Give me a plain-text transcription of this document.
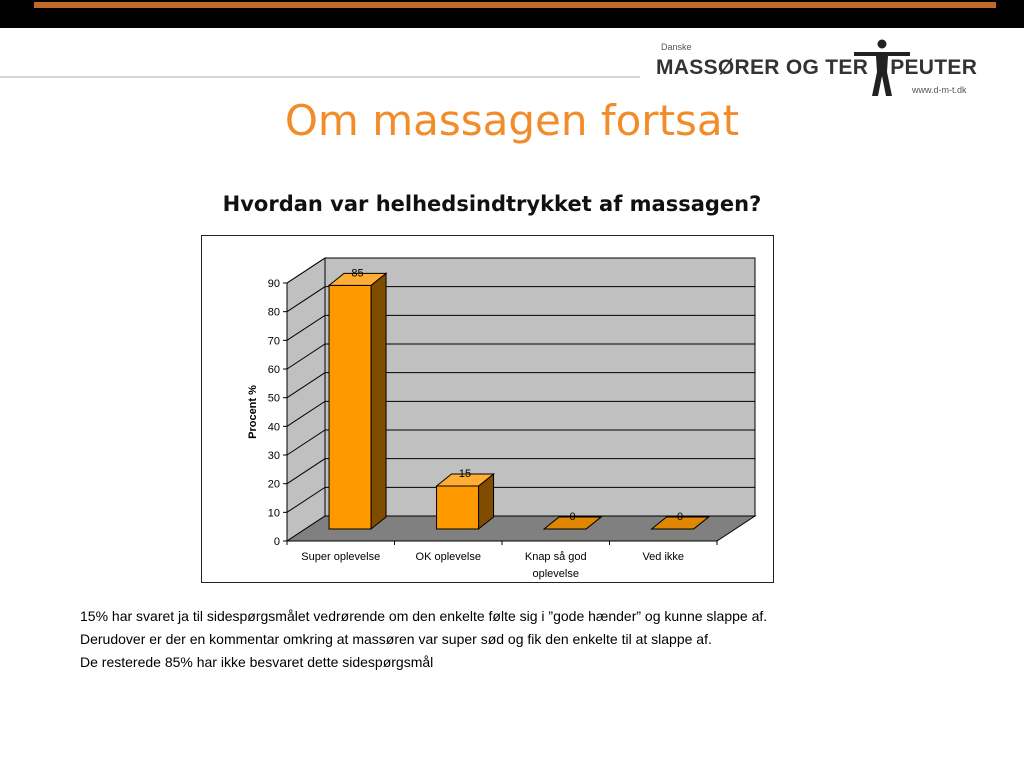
Danske
MASSØRER OG TER PEUTER
www.d-m-t.dk
Om massagen fortsat
Hvordan var helhedsindtrykket af massagen?
0
10
20
30
40
50
60
70
80
90
Procent %
85
15
0	0
Super oplevelse	OK oplevelse	Knap så god oplevelse
Ved ikke
15% har svaret ja til sidespørgsmålet vedrørende om den enkelte følte sig i ”gode hænder” og kunne slappe af.
Derudover er der en kommentar omkring at massøren var super sød og fik den enkelte til at slappe af.
De resterede 85% har ikke besvaret dette sidespørgsmål
